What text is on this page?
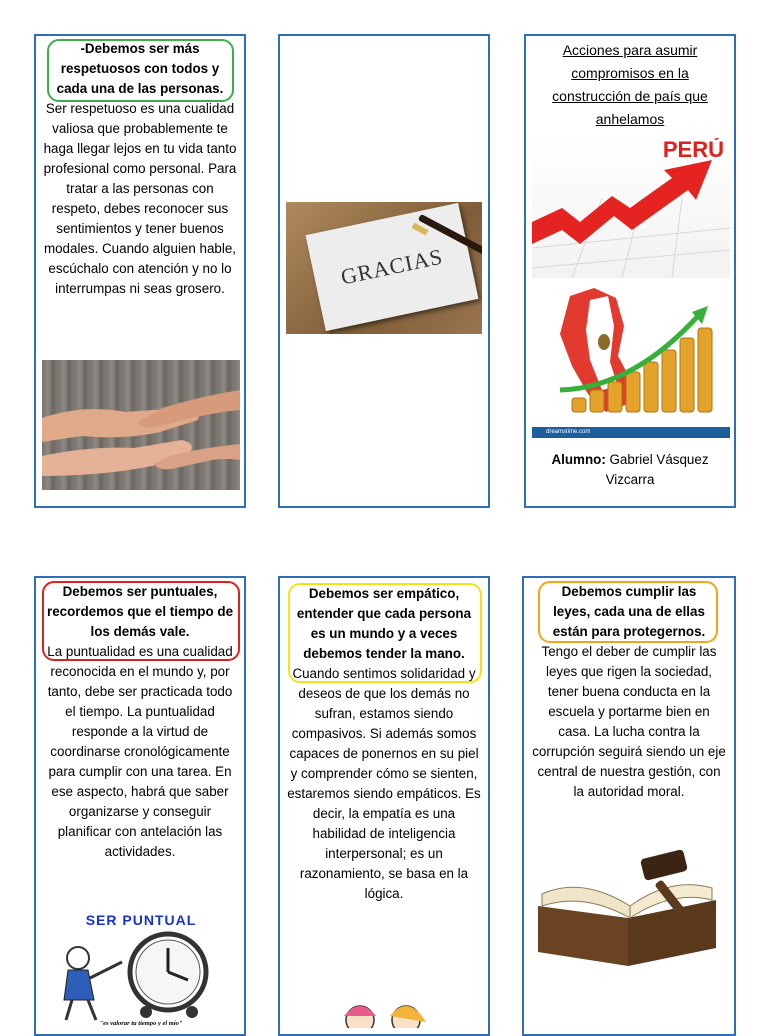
-Debemos ser más respetuosos con todos y cada una de las personas.

Ser respetuoso es una cualidad valiosa que probablemente te haga llegar lejos en tu vida tanto profesional como personal. Para tratar a las personas con respeto, debes reconocer sus sentimientos y tener buenos modales. Cuando alguien hable, escúchalo con atención y no lo interrumpas ni seas grosero.	GRACIAS

Acciones para asumir compromisos en la construcción de país que anhelamos

PERÚ
dreamstime.com

Alumno: Gabriel Vásquez Vizcarra

Debemos ser puntuales, recordemos que el tiempo de los demás vale.

La puntualidad es una cualidad reconocida en el mundo y, por tanto, debe ser practicada todo el tiempo. La puntualidad responde a la virtud de coordinarse cronológicamente para cumplir con una tarea. En ese aspecto, habrá que saber organizarse y conseguir planificar con antelación las actividades.

SER PUNTUAL
"es valorar tu tiempo y el mío"

Debemos ser empático, entender que cada persona es un mundo y a veces debemos tender la mano.

Cuando sentimos solidaridad y deseos de que los demás no sufran, estamos siendo compasivos. Si además somos capaces de ponernos en su piel y comprender cómo se sienten, estaremos siendo empáticos. Es decir, la empatía es una habilidad de inteligencia interpersonal; es un razonamiento, se basa en la lógica.

Debemos cumplir las leyes, cada una de ellas están para protegernos.

Tengo el deber de cumplir las leyes que rigen la sociedad, tener buena conducta en la escuela y portarme bien en casa. La lucha contra la corrupción seguirá siendo un eje central de nuestra gestión, con la autoridad moral.
